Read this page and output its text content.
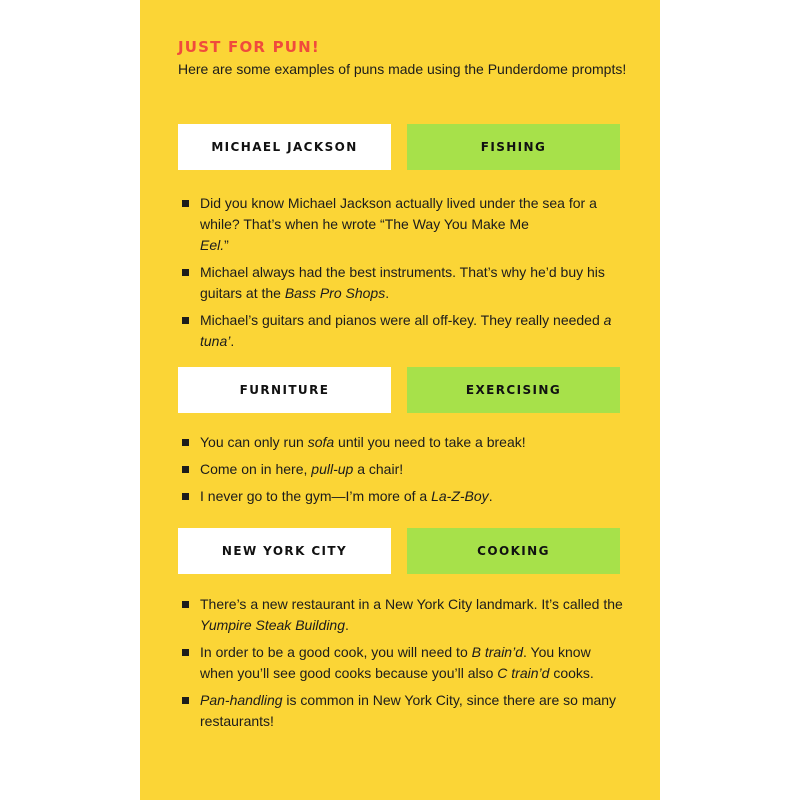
JUST FOR PUN!

Here are some examples of puns made using the Punderdome prompts!

MICHAEL JACKSON	FISHING
Did you know Michael Jackson actually lived under the sea for a while? That’s when he wrote “The Way You Make Me
Eel.”
Michael always had the best instruments. That’s why he’d buy his guitars at the Bass Pro Shops.
Michael’s guitars and pianos were all off-key. They really needed a tuna’.
FURNITURE	EXERCISING
You can only run sofa until you need to take a break!
Come on in here, pull-up a chair!
I never go to the gym—I’m more of a La-Z-Boy.
NEW YORK CITY	COOKING
There’s a new restaurant in a New York City landmark. It’s called the Yumpire Steak Building.
In order to be a good cook, you will need to B train’d. You know when you’ll see good cooks because you’ll also C train’d cooks.
Pan-handling is common in New York City, since there are so many restaurants!
